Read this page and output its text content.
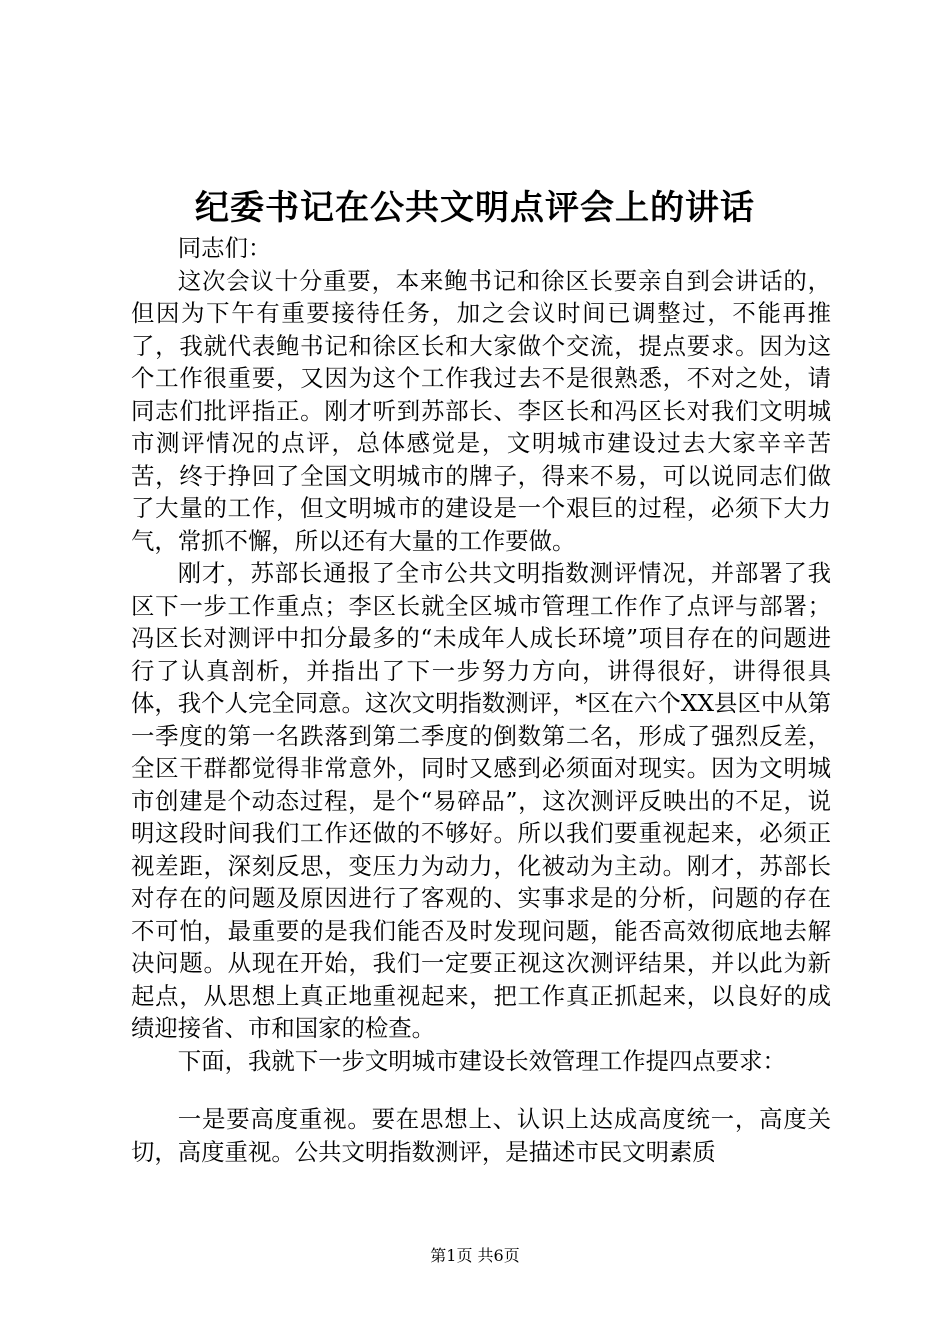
纪委书记在公共文明点评会上的讲话

同志们：

这次会议十分重要，本来鲍书记和徐区长要亲自到会讲话的，但因为下午有重要接待任务，加之会议时间已调整过，不能再推了，我就代表鲍书记和徐区长和大家做个交流，提点要求。因为这个工作很重要，又因为这个工作我过去不是很熟悉，不对之处，请同志们批评指正。刚才听到苏部长、李区长和冯区长对我们文明城市测评情况的点评，总体感觉是，文明城市建设过去大家辛辛苦苦，终于挣回了全国文明城市的牌子，得来不易，可以说同志们做了大量的工作，但文明城市的建设是一个艰巨的过程，必须下大力气，常抓不懈，所以还有大量的工作要做。

刚才，苏部长通报了全市公共文明指数测评情况，并部署了我区下一步工作重点；李区长就全区城市管理工作作了点评与部署；冯区长对测评中扣分最多的“未成年人成长环境”项目存在的问题进行了认真剖析，并指出了下一步努力方向，讲得很好，讲得很具体，我个人完全同意。这次文明指数测评，*区在六个XX县区中从第一季度的第一名跌落到第二季度的倒数第二名，形成了强烈反差，全区干群都觉得非常意外，同时又感到必须面对现实。因为文明城市创建是个动态过程，是个“易碎品”，这次测评反映出的不足，说明这段时间我们工作还做的不够好。所以我们要重视起来，必须正视差距，深刻反思，变压力为动力，化被动为主动。刚才，苏部长对存在的问题及原因进行了客观的、实事求是的分析，问题的存在不可怕，最重要的是我们能否及时发现问题，能否高效彻底地去解决问题。从现在开始，我们一定要正视这次测评结果，并以此为新起点，从思想上真正地重视起来，把工作真正抓起来，以良好的成绩迎接省、市和国家的检查。

下面，我就下一步文明城市建设长效管理工作提四点要求：

一是要高度重视。要在思想上、认识上达成高度统一，高度关切，高度重视。公共文明指数测评，是描述市民文明素质

第1页 共6页
